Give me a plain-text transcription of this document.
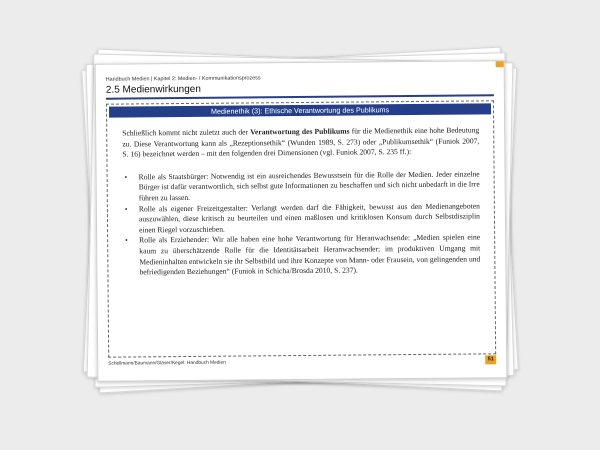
Handbuch Medien | Kapitel 2: Medien- / Kommunikationsprozess
2.5 Medienwirkungen
Medienethik (3): Ethische Verantwortung des Publikums

Schließlich kommt nicht zuletzt auch der Verantwortung des Publikums für die Medienethik eine hohe Bedeutung zu. Diese Verantwortung kann als „Rezeptionsethik“ (Wunden 1989, S. 273) oder „Publikumsethik“ (Funiok 2007, S. 16) bezeichnet werden – mit den folgenden drei Dimensionen (vgl. Funiok 2007, S. 235 ff.):

• Rolle als Staatsbürger: Notwendig ist ein ausreichendes Bewusstsein für die Rolle der Medien. Jeder einzelne Bürger ist dafür verantwortlich, sich selbst gute Informationen zu beschaffen und sich nicht unbedarft in die Irre führen zu lassen.
• Rolle als eigener Freizeitgestalter: Verlangt werden darf die Fähigkeit, bewusst aus den Medienangeboten auszuwählen, diese kritisch zu beurteilen und einen maßlosen und kritiklosen Konsum durch Selbstdisziplin einen Riegel vorzuschieben.
• Rolle als Erziehender: Wir alle haben eine hohe Verantwortung für Heranwachsende: „Medien spielen eine kaum zu überschätzende Rolle für die Identitätsarbeit Heranwachsender; im produktiven Umgang mit Medieninhalten entwickeln sie ihr Selbstbild und ihre Konzepte von Mann- oder Frausein, von gelingenden und befriedigenden Beziehungen“ (Funiok in Schicha/Brosda 2010, S. 237).
Schellmann/Baumann/Gläser/Kegel: Handbuch Medien
51
